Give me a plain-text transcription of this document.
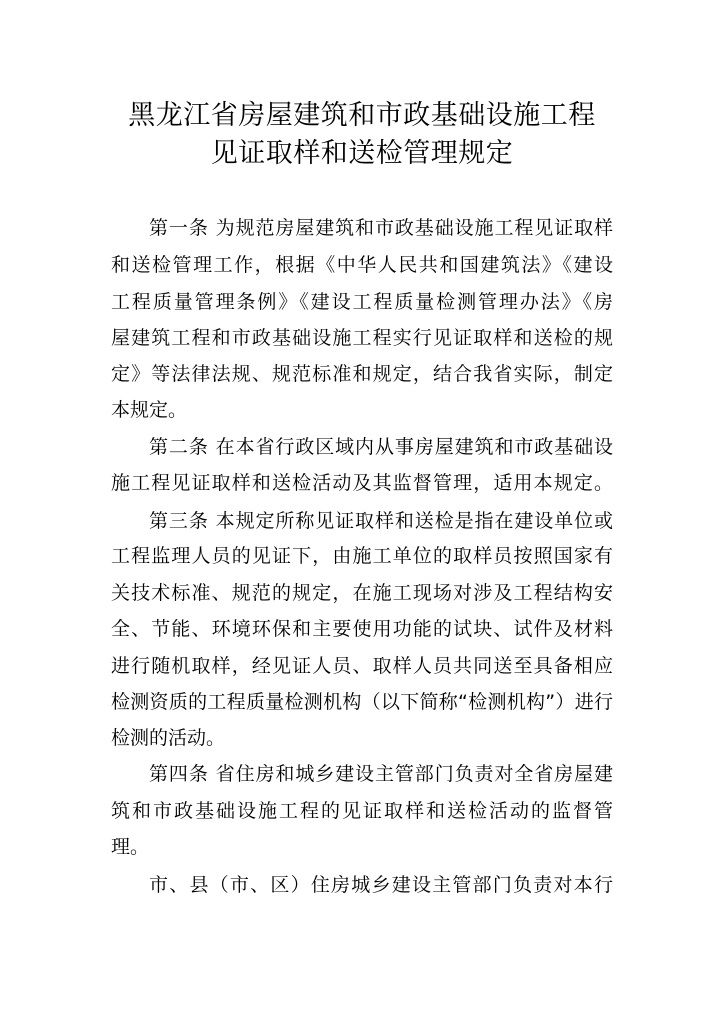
黑龙江省房屋建筑和市政基础设施工程
见证取样和送检管理规定
第一条 为规范房屋建筑和市政基础设施工程见证取样
和送检管理工作，根据《中华人民共和国建筑法》《建设
工程质量管理条例》《建设工程质量检测管理办法》《房
屋建筑工程和市政基础设施工程实行见证取样和送检的规
定》等法律法规、规范标准和规定，结合我省实际，制定
本规定。
第二条 在本省行政区域内从事房屋建筑和市政基础设
施工程见证取样和送检活动及其监督管理，适用本规定。
第三条 本规定所称见证取样和送检是指在建设单位或
工程监理人员的见证下，由施工单位的取样员按照国家有
关技术标准、规范的规定，在施工现场对涉及工程结构安
全、节能、环境环保和主要使用功能的试块、试件及材料
进行随机取样，经见证人员、取样人员共同送至具备相应
检测资质的工程质量检测机构（以下简称“检测机构”）进行
检测的活动。
第四条 省住房和城乡建设主管部门负责对全省房屋建
筑和市政基础设施工程的见证取样和送检活动的监督管
理。
市、县（市、区）住房城乡建设主管部门负责对本行
